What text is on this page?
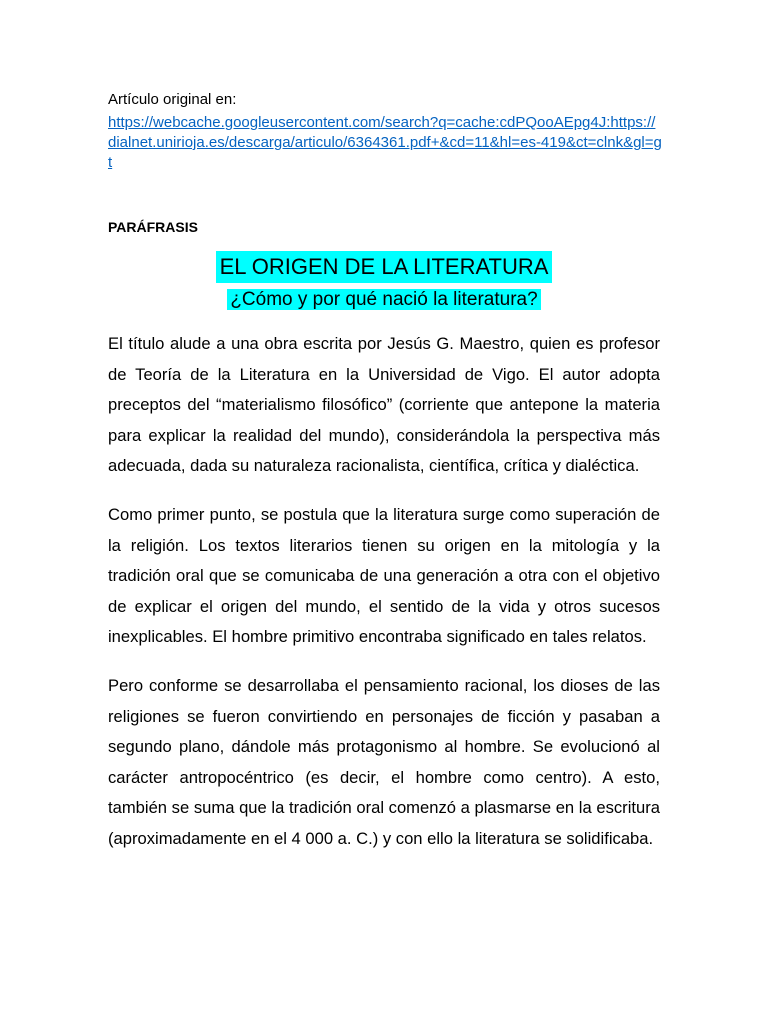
Artículo original en:

https://webcache.googleusercontent.com/search?q=cache:cdPQooAEpg4J:https://dialnet.unirioja.es/descarga/articulo/6364361.pdf+&cd=11&hl=es-419&ct=clnk&gl=gt

PARÁFRASIS

EL ORIGEN DE LA LITERATURA

¿Cómo y por qué nació la literatura?

El título alude a una obra escrita por Jesús G. Maestro, quien es profesor de Teoría de la Literatura en la Universidad de Vigo. El autor adopta preceptos del “materialismo filosófico” (corriente que antepone la materia para explicar la realidad del mundo), considerándola la perspectiva más adecuada, dada su naturaleza racionalista, científica, crítica y dialéctica.

Como primer punto, se postula que la literatura surge como superación de la religión. Los textos literarios tienen su origen en la mitología y la tradición oral que se comunicaba de una generación a otra con el objetivo de explicar el origen del mundo, el sentido de la vida y otros sucesos inexplicables. El hombre primitivo encontraba significado en tales relatos.

Pero conforme se desarrollaba el pensamiento racional, los dioses de las religiones se fueron convirtiendo en personajes de ficción y pasaban a segundo plano, dándole más protagonismo al hombre. Se evolucionó al carácter antropocéntrico (es decir, el hombre como centro). A esto, también se suma que la tradición oral comenzó a plasmarse en la escritura (aproximadamente en el 4 000 a. C.) y con ello la literatura se solidificaba.
